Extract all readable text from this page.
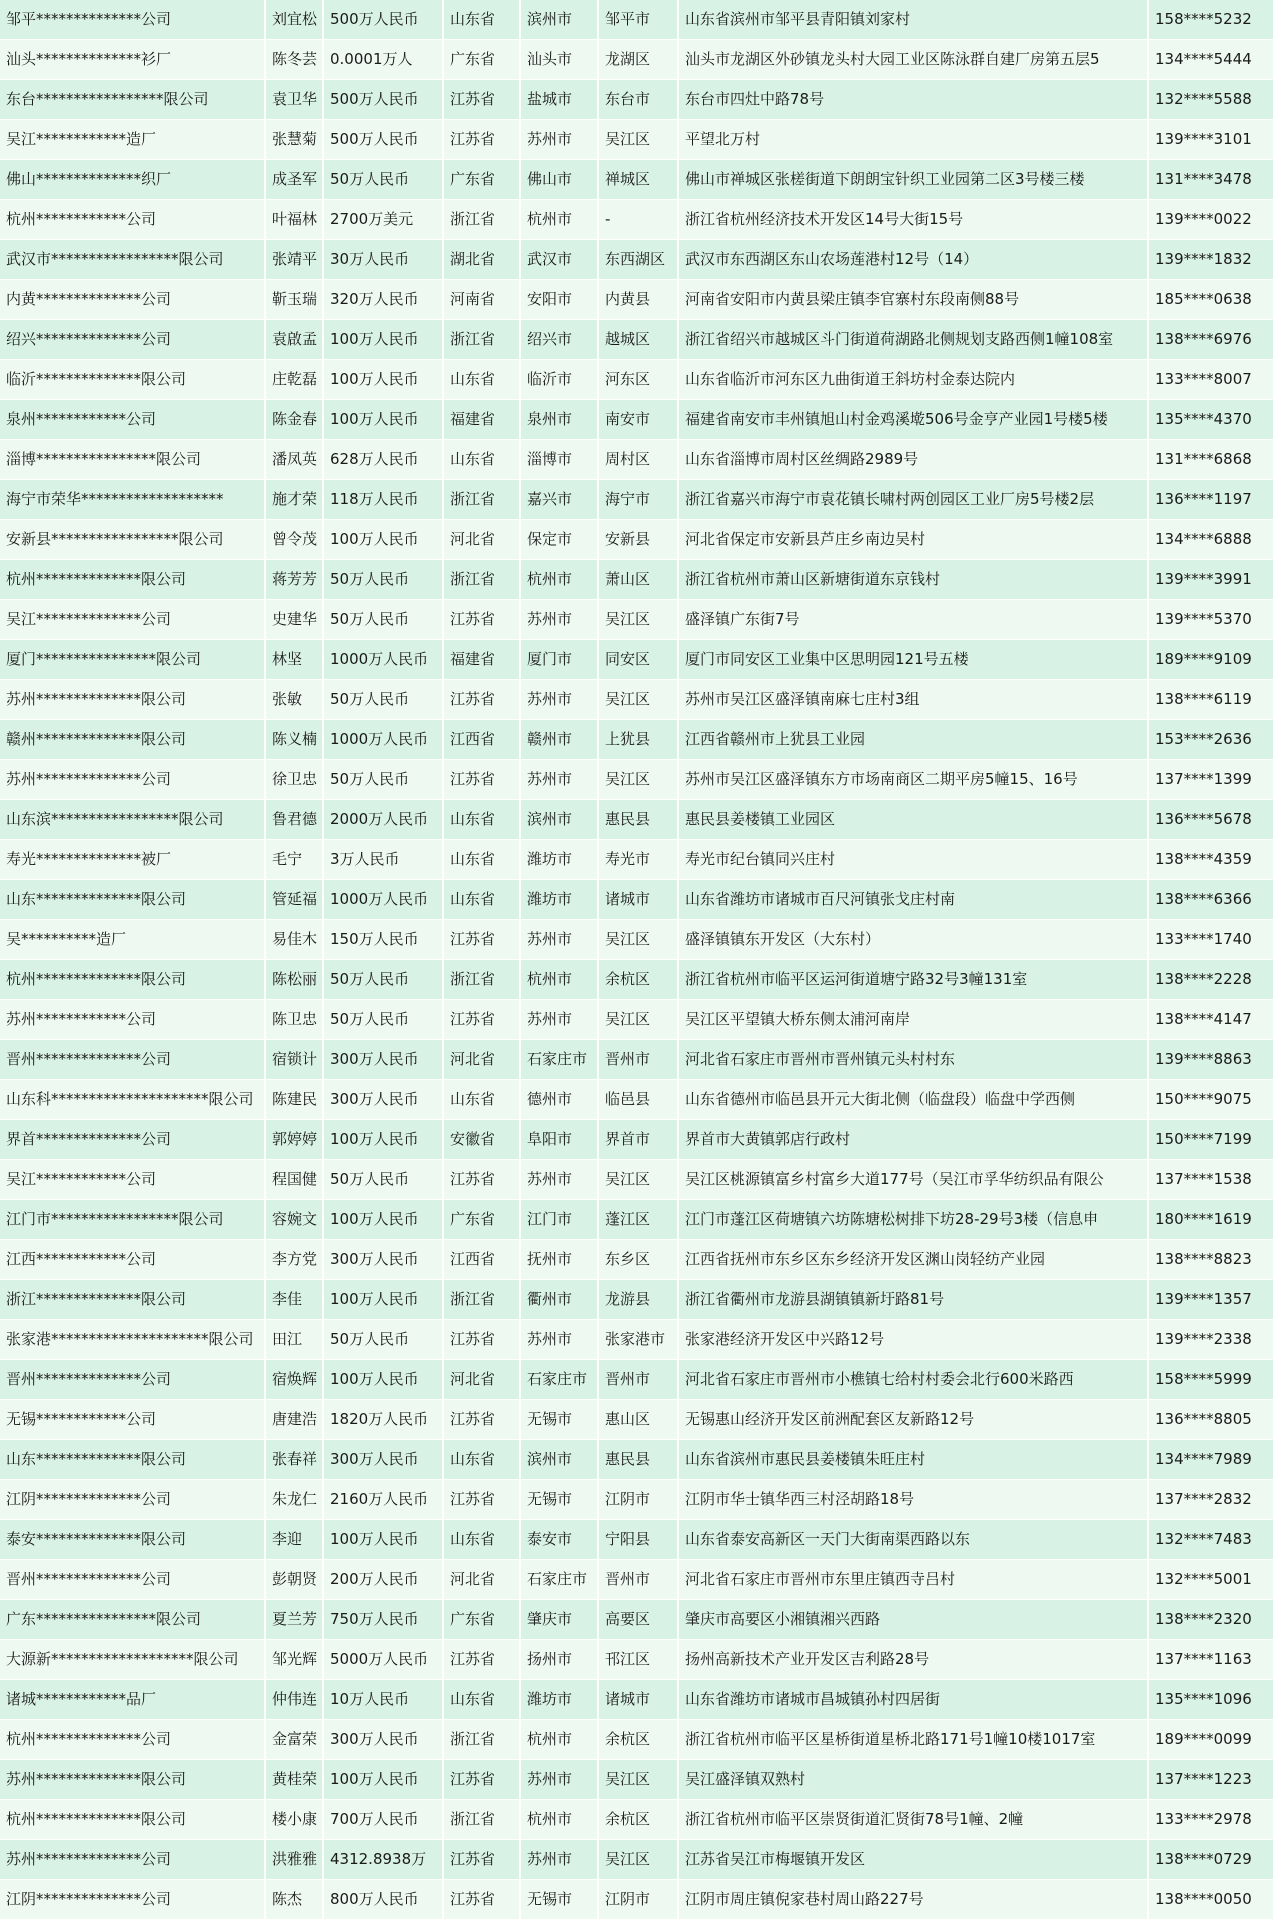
邹平**************公司	刘宜松	500万人民币	山东省	滨州市	邹平市	山东省滨州市邹平县青阳镇刘家村	158****5232
汕头**************衫厂	陈冬芸	0.0001万人	广东省	汕头市	龙湖区	汕头市龙湖区外砂镇龙头村大园工业区陈泳群自建厂房第五层5	134****5444
东台*****************限公司	袁卫华	500万人民币	江苏省	盐城市	东台市	东台市四灶中路78号	132****5588
吴江************造厂	张慧菊	500万人民币	江苏省	苏州市	吴江区	平望北万村	139****3101
佛山**************织厂	成圣军	50万人民币	广东省	佛山市	禅城区	佛山市禅城区张槎街道下朗朗宝针织工业园第二区3号楼三楼	131****3478
杭州************公司	叶福林	2700万美元	浙江省	杭州市	-	浙江省杭州经济技术开发区14号大街15号	139****0022
武汉市*****************限公司	张靖平	30万人民币	湖北省	武汉市	东西湖区	武汉市东西湖区东山农场莲港村12号（14）	139****1832
内黄**************公司	靳玉瑞	320万人民币	河南省	安阳市	内黄县	河南省安阳市内黄县梁庄镇李官寨村东段南侧88号	185****0638
绍兴**************公司	袁啟孟	100万人民币	浙江省	绍兴市	越城区	浙江省绍兴市越城区斗门街道荷湖路北侧规划支路西侧1幢108室	138****6976
临沂**************限公司	庄乾磊	100万人民币	山东省	临沂市	河东区	山东省临沂市河东区九曲街道王斜坊村金泰达院内	133****8007
泉州************公司	陈金春	100万人民币	福建省	泉州市	南安市	福建省南安市丰州镇旭山村金鸡溪墘506号金亨产业园1号楼5楼	135****4370
淄博****************限公司	潘凤英	628万人民币	山东省	淄博市	周村区	山东省淄博市周村区丝绸路2989号	131****6868
海宁市荣华*******************	施才荣	118万人民币	浙江省	嘉兴市	海宁市	浙江省嘉兴市海宁市袁花镇长啸村两创园区工业厂房5号楼2层	136****1197
安新县*****************限公司	曾令茂	100万人民币	河北省	保定市	安新县	河北省保定市安新县芦庄乡南边吴村	134****6888
杭州**************限公司	蒋芳芳	50万人民币	浙江省	杭州市	萧山区	浙江省杭州市萧山区新塘街道东京钱村	139****3991
吴江**************公司	史建华	50万人民币	江苏省	苏州市	吴江区	盛泽镇广东街7号	139****5370
厦门****************限公司	林坚	1000万人民币	福建省	厦门市	同安区	厦门市同安区工业集中区思明园121号五楼	189****9109
苏州**************限公司	张敏	50万人民币	江苏省	苏州市	吴江区	苏州市吴江区盛泽镇南麻七庄村3组	138****6119
赣州**************限公司	陈义楠	1000万人民币	江西省	赣州市	上犹县	江西省赣州市上犹县工业园	153****2636
苏州**************公司	徐卫忠	50万人民币	江苏省	苏州市	吴江区	苏州市吴江区盛泽镇东方市场南商区二期平房5幢15、16号	137****1399
山东滨*****************限公司	鲁君德	2000万人民币	山东省	滨州市	惠民县	惠民县姜楼镇工业园区	136****5678
寿光**************被厂	毛宁	3万人民币	山东省	潍坊市	寿光市	寿光市纪台镇同兴庄村	138****4359
山东**************限公司	管延福	1000万人民币	山东省	潍坊市	诸城市	山东省潍坊市诸城市百尺河镇张戈庄村南	138****6366
吴**********造厂	易佳木	150万人民币	江苏省	苏州市	吴江区	盛泽镇镇东开发区（大东村）	133****1740
杭州**************限公司	陈松丽	50万人民币	浙江省	杭州市	余杭区	浙江省杭州市临平区运河街道塘宁路32号3幢131室	138****2228
苏州************公司	陈卫忠	50万人民币	江苏省	苏州市	吴江区	吴江区平望镇大桥东侧太浦河南岸	138****4147
晋州**************公司	宿锁计	300万人民币	河北省	石家庄市	晋州市	河北省石家庄市晋州市晋州镇元头村村东	139****8863
山东科*********************限公司	陈建民	300万人民币	山东省	德州市	临邑县	山东省德州市临邑县开元大街北侧（临盘段）临盘中学西侧	150****9075
界首**************公司	郭婷婷	100万人民币	安徽省	阜阳市	界首市	界首市大黄镇郭店行政村	150****7199
吴江************公司	程国健	50万人民币	江苏省	苏州市	吴江区	吴江区桃源镇富乡村富乡大道177号（吴江市孚华纺织品有限公	137****1538
江门市*****************限公司	容婉文	100万人民币	广东省	江门市	蓬江区	江门市蓬江区荷塘镇六坊陈塘松树排下坊28-29号3楼（信息申	180****1619
江西************公司	李方党	300万人民币	江西省	抚州市	东乡区	江西省抚州市东乡区东乡经济开发区渊山岗轻纺产业园	138****8823
浙江**************限公司	李佳	100万人民币	浙江省	衢州市	龙游县	浙江省衢州市龙游县湖镇镇新圩路81号	139****1357
张家港*********************限公司	田江	50万人民币	江苏省	苏州市	张家港市	张家港经济开发区中兴路12号	139****2338
晋州**************公司	宿焕辉	100万人民币	河北省	石家庄市	晋州市	河北省石家庄市晋州市小樵镇七给村村委会北行600米路西	158****5999
无锡************公司	唐建浩	1820万人民币	江苏省	无锡市	惠山区	无锡惠山经济开发区前洲配套区友新路12号	136****8805
山东**************限公司	张春祥	300万人民币	山东省	滨州市	惠民县	山东省滨州市惠民县姜楼镇朱旺庄村	134****7989
江阴**************公司	朱龙仁	2160万人民币	江苏省	无锡市	江阴市	江阴市华士镇华西三村泾胡路18号	137****2832
泰安**************限公司	李迎	100万人民币	山东省	泰安市	宁阳县	山东省泰安高新区一天门大街南渠西路以东	132****7483
晋州**************公司	彭朝贤	200万人民币	河北省	石家庄市	晋州市	河北省石家庄市晋州市东里庄镇西寺吕村	132****5001
广东****************限公司	夏兰芳	750万人民币	广东省	肇庆市	高要区	肇庆市高要区小湘镇湘兴西路	138****2320
大源新*******************限公司	邹光辉	5000万人民币	江苏省	扬州市	邗江区	扬州高新技术产业开发区吉利路28号	137****1163
诸城************品厂	仲伟连	10万人民币	山东省	潍坊市	诸城市	山东省潍坊市诸城市昌城镇孙村四居街	135****1096
杭州**************公司	金富荣	300万人民币	浙江省	杭州市	余杭区	浙江省杭州市临平区星桥街道星桥北路171号1幢10楼1017室	189****0099
苏州**************限公司	黄桂荣	100万人民币	江苏省	苏州市	吴江区	吴江盛泽镇双熟村	137****1223
杭州**************限公司	楼小康	700万人民币	浙江省	杭州市	余杭区	浙江省杭州市临平区崇贤街道汇贤街78号1幢、2幢	133****2978
苏州**************公司	洪雅雅	4312.8938万	江苏省	苏州市	吴江区	江苏省吴江市梅堰镇开发区	138****0729
江阴**************公司	陈杰	800万人民币	江苏省	无锡市	江阴市	江阴市周庄镇倪家巷村周山路227号	138****0050
